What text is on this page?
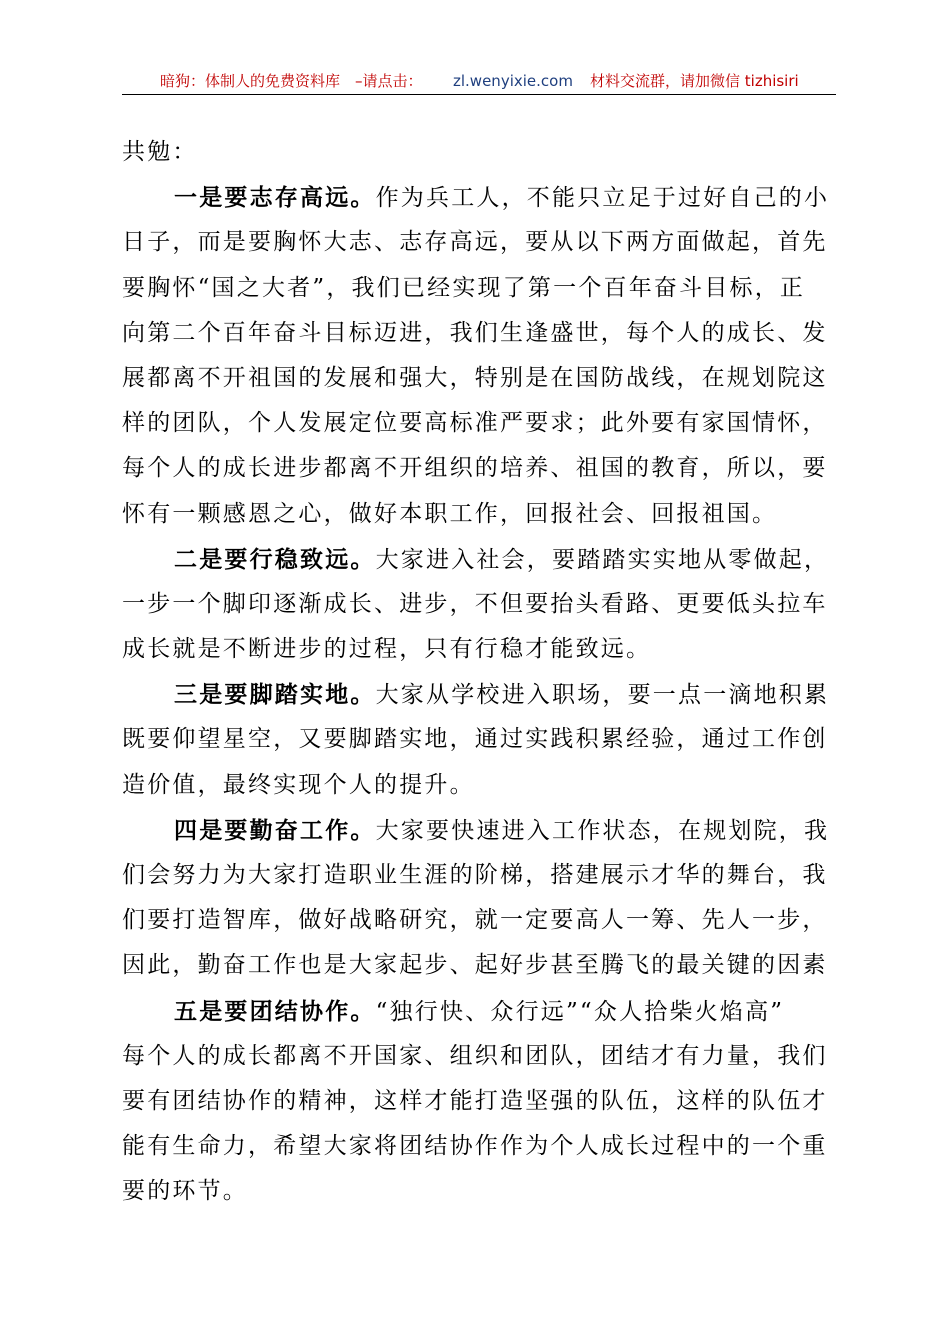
暗狗：体制人的免费资料库 –请点击： zl.wenyixie.com 材料交流群，请加微信 tizhisiri
共勉：
一是要志存高远。作为兵工人，不能只立足于过好自己的小
日子，而是要胸怀大志、志存高远，要从以下两方面做起，首先
要胸怀“国之大者”，我们已经实现了第一个百年奋斗目标，正
向第二个百年奋斗目标迈进，我们生逢盛世，每个人的成长、发
展都离不开祖国的发展和强大，特别是在国防战线，在规划院这
样的团队，个人发展定位要高标准严要求；此外要有家国情怀，
每个人的成长进步都离不开组织的培养、祖国的教育，所以，要
怀有一颗感恩之心，做好本职工作，回报社会、回报祖国。
二是要行稳致远。大家进入社会，要踏踏实实地从零做起，
一步一个脚印逐渐成长、进步，不但要抬头看路、更要低头拉车
成长就是不断进步的过程，只有行稳才能致远。
三是要脚踏实地。大家从学校进入职场，要一点一滴地积累
既要仰望星空，又要脚踏实地，通过实践积累经验，通过工作创
造价值，最终实现个人的提升。
四是要勤奋工作。大家要快速进入工作状态，在规划院，我
们会努力为大家打造职业生涯的阶梯，搭建展示才华的舞台，我
们要打造智库，做好战略研究，就一定要高人一筹、先人一步，
因此，勤奋工作也是大家起步、起好步甚至腾飞的最关键的因素
五是要团结协作。“独行快、众行远”“众人拾柴火焰高”
每个人的成长都离不开国家、组织和团队，团结才有力量，我们
要有团结协作的精神，这样才能打造坚强的队伍，这样的队伍才
能有生命力，希望大家将团结协作作为个人成长过程中的一个重
要的环节。
